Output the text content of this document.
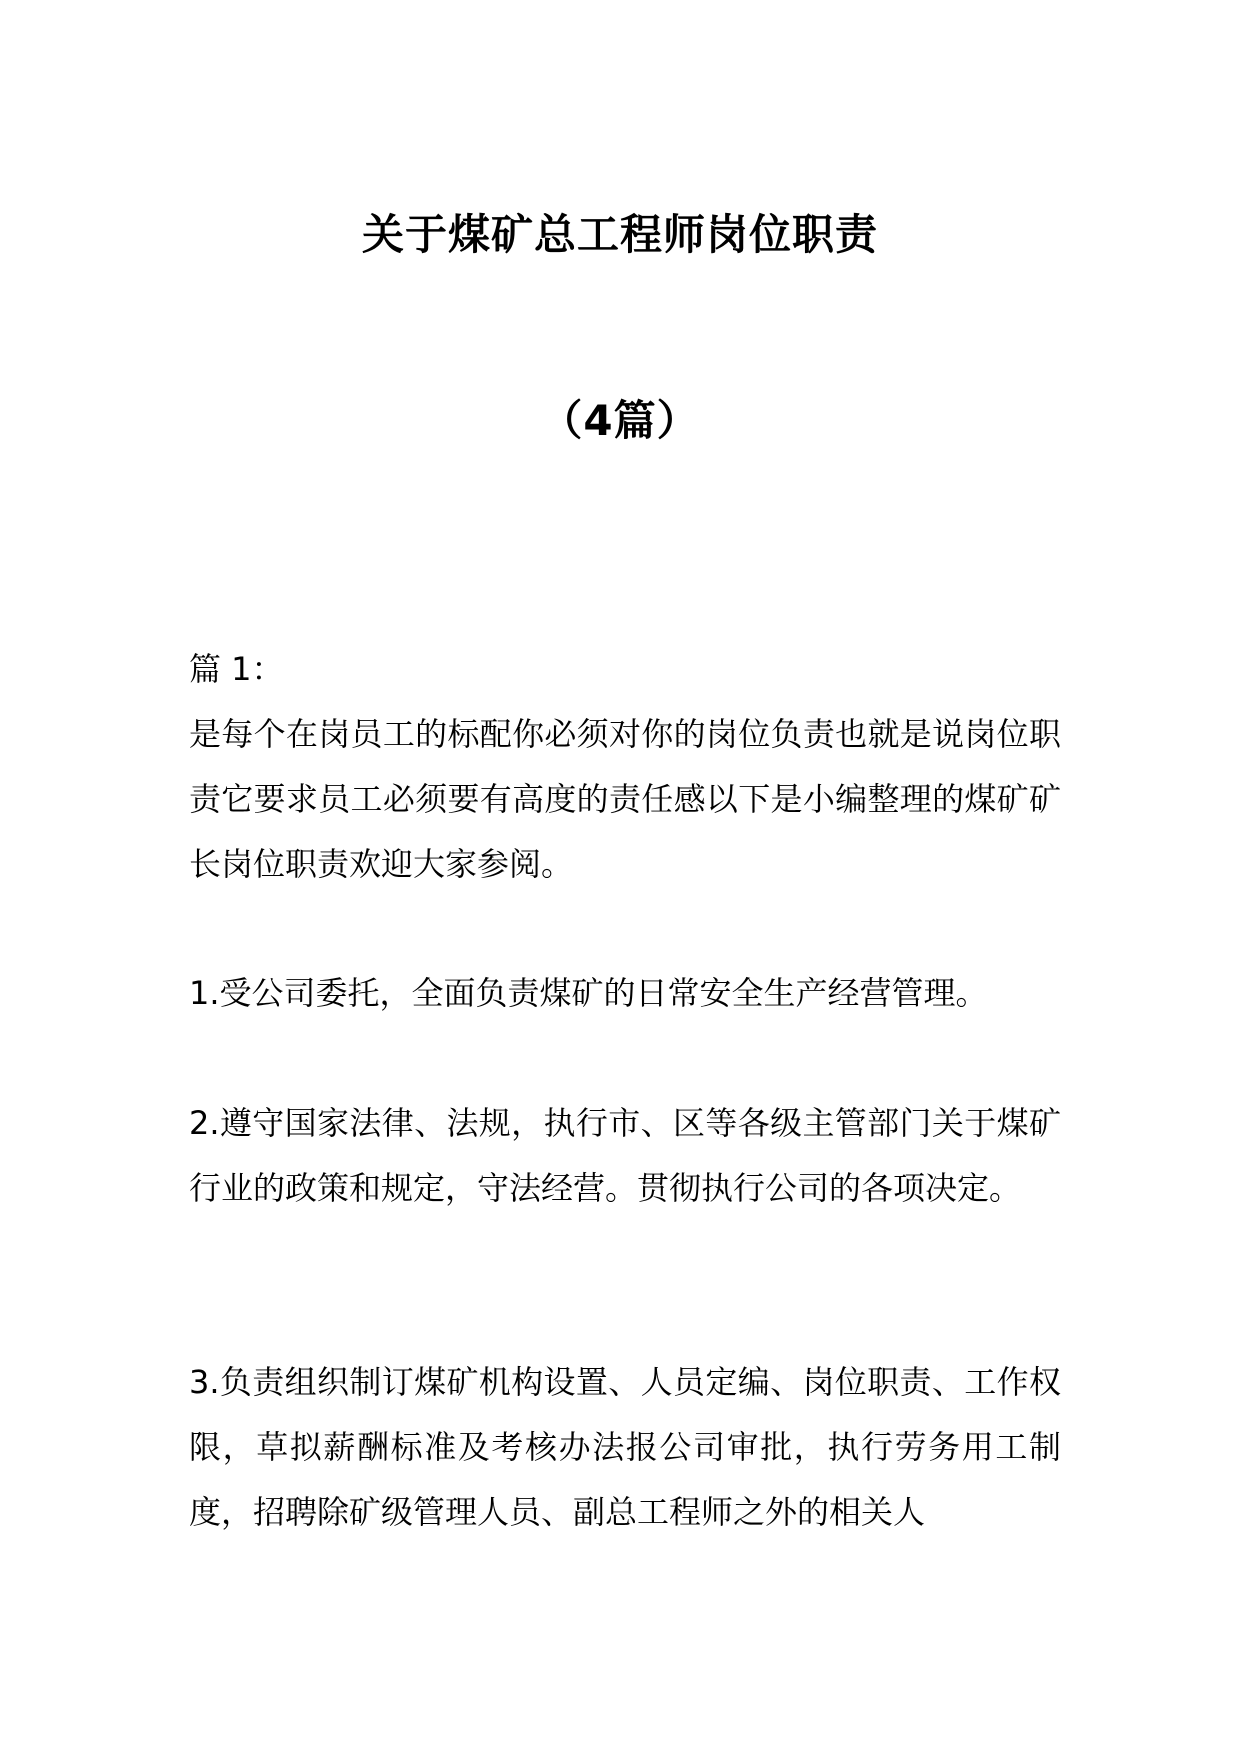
关于煤矿总工程师岗位职责
（4篇）

篇 1：

是每个在岗员工的标配你必须对你的岗位负责也就是说岗位职责它要求员工必须要有高度的责任感以下是小编整理的煤矿矿长岗位职责欢迎大家参阅。

1.受公司委托，全面负责煤矿的日常安全生产经营管理。

2.遵守国家法律、法规，执行市、区等各级主管部门关于煤矿行业的政策和规定，守法经营。贯彻执行公司的各项决定。

3.负责组织制订煤矿机构设置、人员定编、岗位职责、工作权限，草拟薪酬标准及考核办法报公司审批，执行劳务用工制度，招聘除矿级管理人员、副总工程师之外的相关人
